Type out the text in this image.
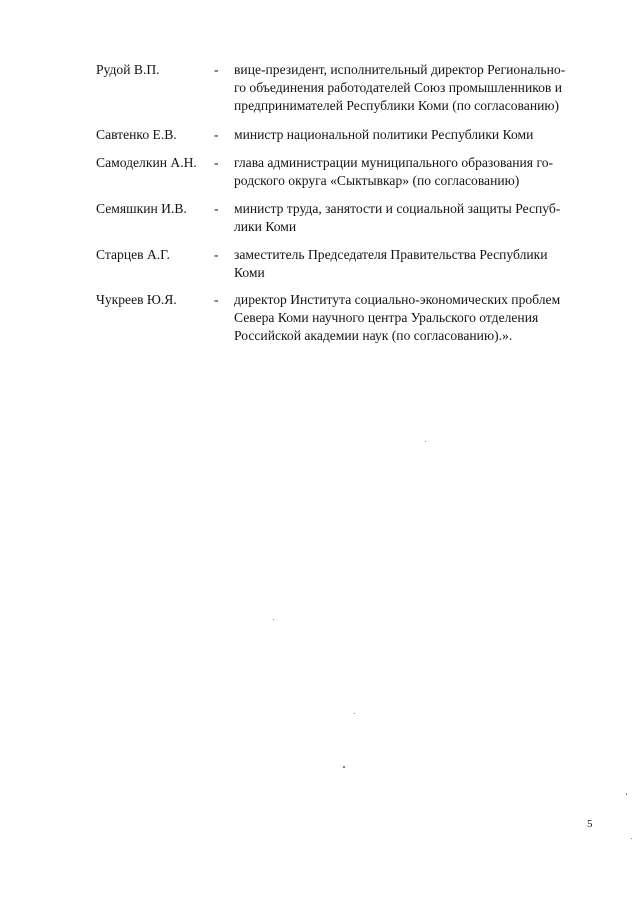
Рудой В.П.	- вице-президент, исполнительный директор Регионально-
го объединения работодателей Союз промышленников и
предпринимателей Республики Коми (по согласованию)
Савтенко Е.В.	- министр национальной политики Республики Коми
Самоделкин А.Н. - глава администрации муниципального образования го-
родского округа «Сыктывкар» (по согласованию)
Семяшкин И.В. - министр труда, занятости и социальной защиты Респуб-
лики Коми
Старцев А.Г.	- заместитель Председателя Правительства Республики
Коми
Чукреев Ю.Я.	- директор Института социально-экономических проблем
Севера Коми научного центра Уральского отделения
Российской академии наук (по согласованию).».
5
